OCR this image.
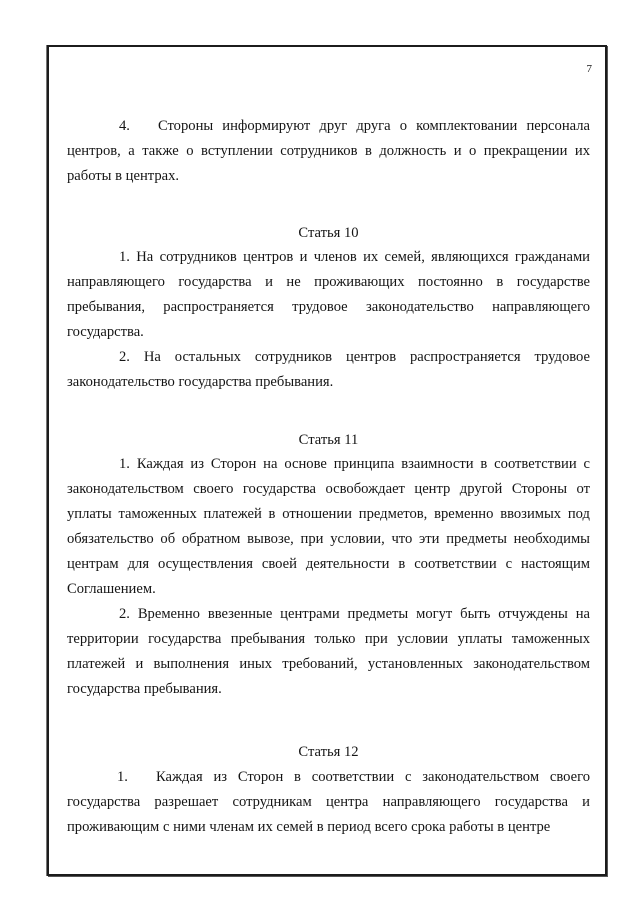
7

4. Стороны информируют друг друга о комплектовании персонала центров, а также о вступлении сотрудников в должность и о прекращении их работы в центрах.

Статья 10

1. На сотрудников центров и членов их семей, являющихся гражданами направляющего государства и не проживающих постоянно в государстве пребывания, распространяется трудовое законодательство направляющего государства.

2. На остальных сотрудников центров распространяется трудовое законодательство государства пребывания.

Статья 11

1. Каждая из Сторон на основе принципа взаимности в соответствии с законодательством своего государства освобождает центр другой Стороны от уплаты таможенных платежей в отношении предметов, временно ввозимых под обязательство об обратном вывозе, при условии, что эти предметы необходимы центрам для осуществления своей деятельности в соответствии с настоящим Соглашением.

2. Временно ввезенные центрами предметы могут быть отчуждены на территории государства пребывания только при условии уплаты таможенных платежей и выполнения иных требований, установленных законодательством государства пребывания.

Статья 12

1. Каждая из Сторон в соответствии с законодательством своего государства разрешает сотрудникам центра направляющего государства и проживающим с ними членам их семей в период всего срока работы в центре
